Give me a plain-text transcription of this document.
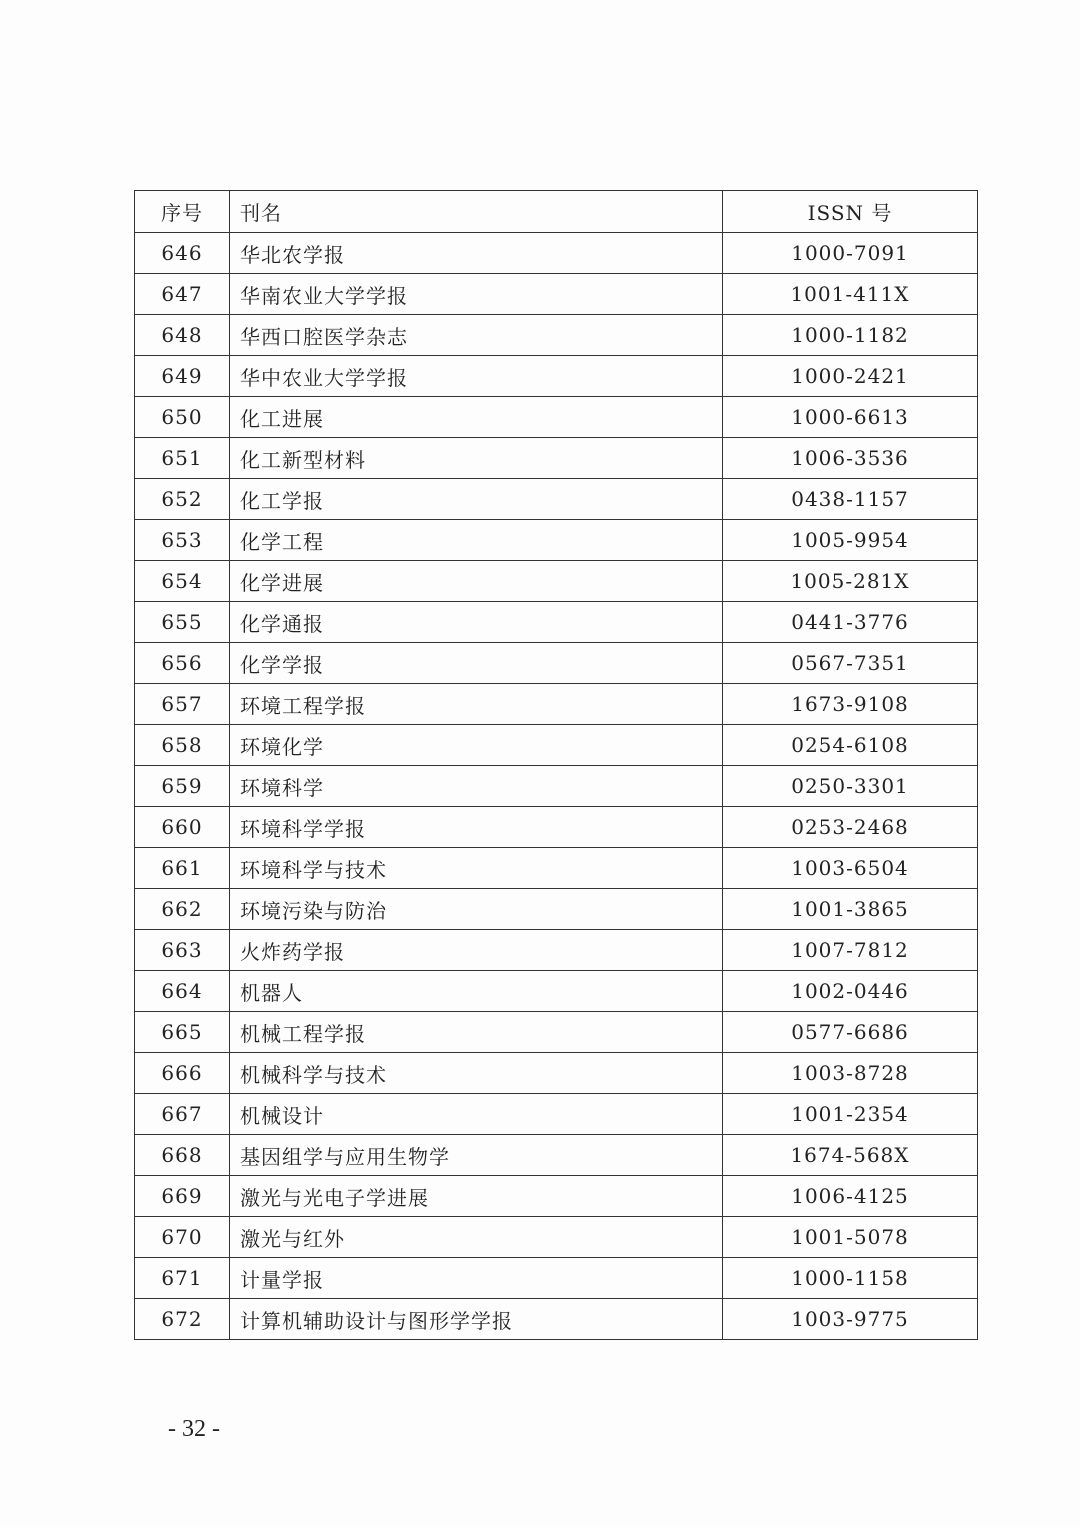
序号	刊名	ISSN 号
646	华北农学报	1000-7091
647	华南农业大学学报	1001-411X
648	华西口腔医学杂志	1000-1182
649	华中农业大学学报	1000-2421
650	化工进展	1000-6613
651	化工新型材料	1006-3536
652	化工学报	0438-1157
653	化学工程	1005-9954
654	化学进展	1005-281X
655	化学通报	0441-3776
656	化学学报	0567-7351
657	环境工程学报	1673-9108
658	环境化学	0254-6108
659	环境科学	0250-3301
660	环境科学学报	0253-2468
661	环境科学与技术	1003-6504
662	环境污染与防治	1001-3865
663	火炸药学报	1007-7812
664	机器人	1002-0446
665	机械工程学报	0577-6686
666	机械科学与技术	1003-8728
667	机械设计	1001-2354
668	基因组学与应用生物学	1674-568X
669	激光与光电子学进展	1006-4125
670	激光与红外	1001-5078
671	计量学报	1000-1158
672	计算机辅助设计与图形学学报	1003-9775
- 32 -
